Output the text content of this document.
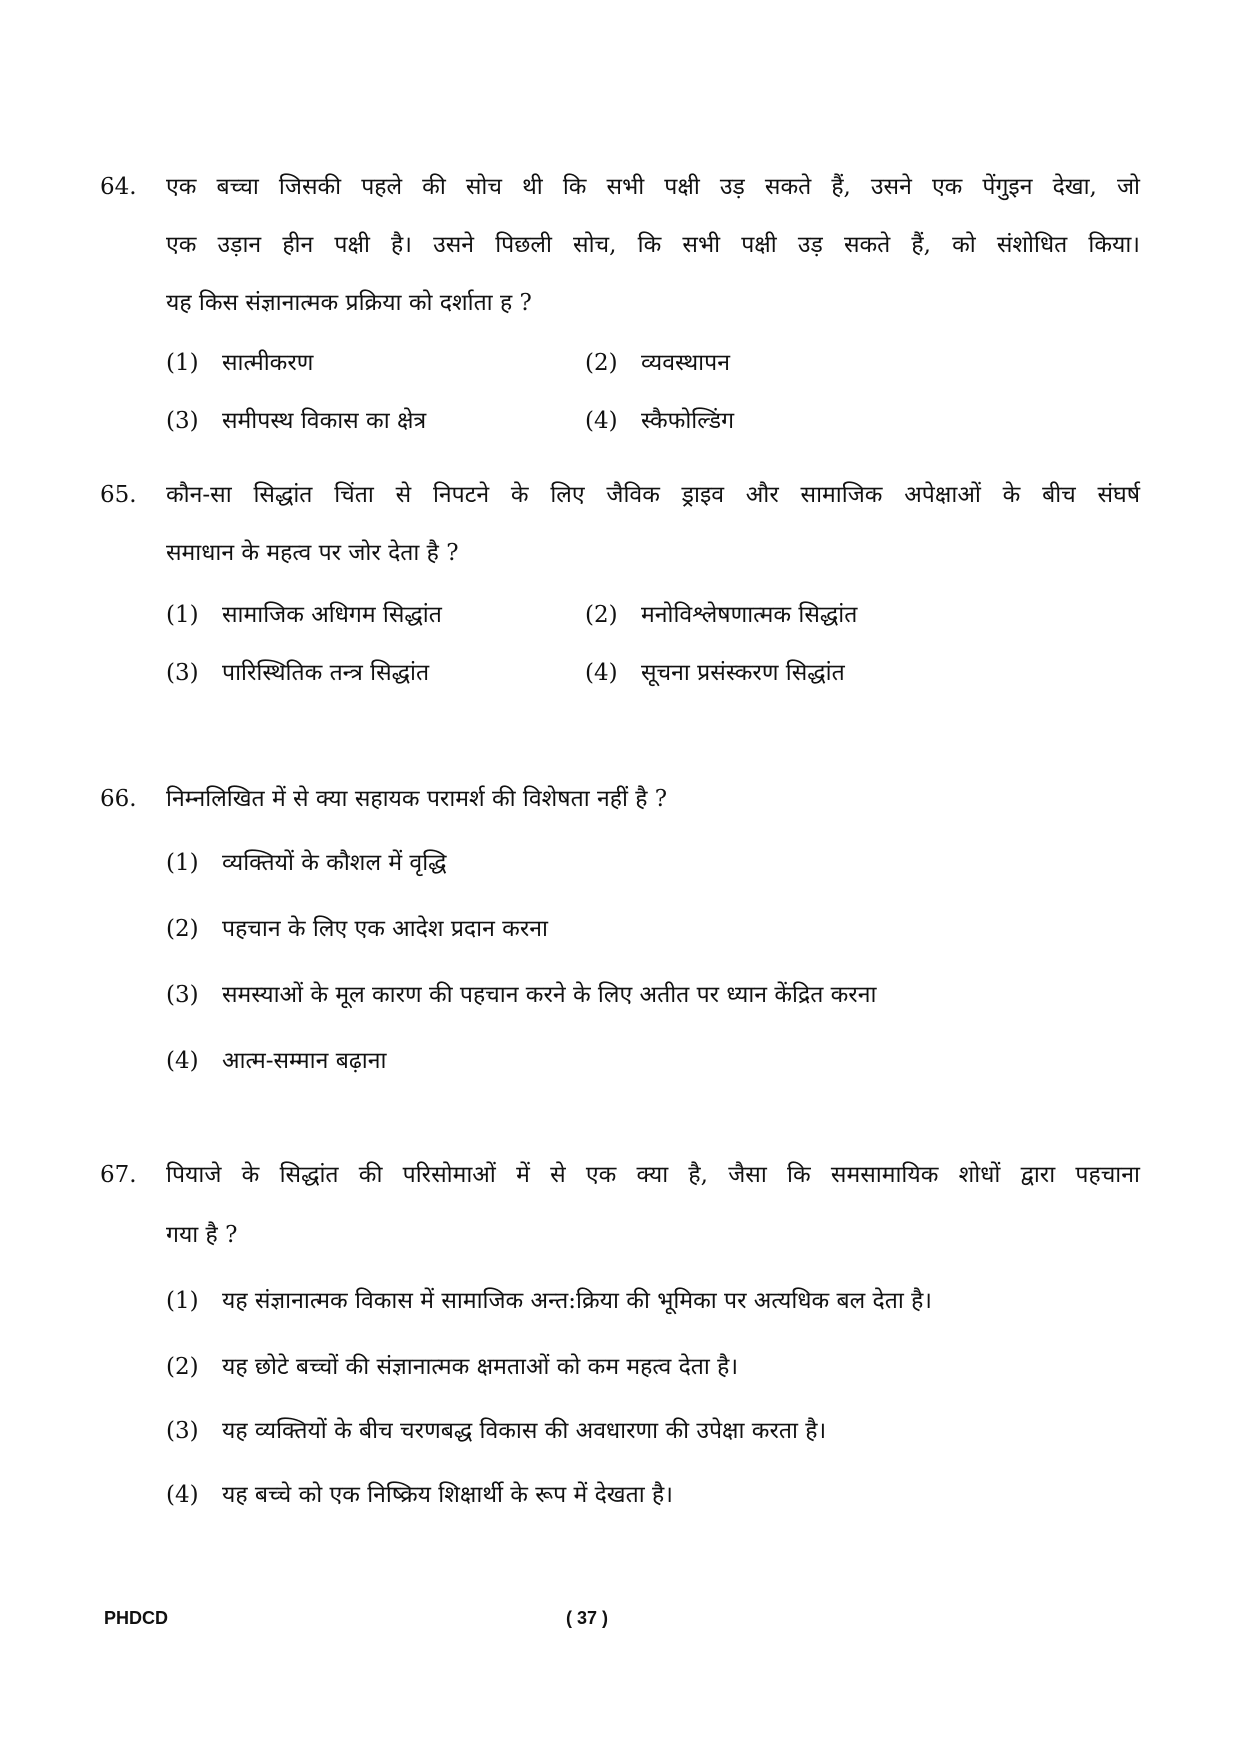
64. एक बच्चा जिसकी पहले की सोच थी कि सभी पक्षी उड़ सकते हैं, उसने एक पेंगुइन देखा, जो
एक उड़ान हीन पक्षी है। उसने पिछली सोच, कि सभी पक्षी उड़ सकते हैं, को संशोधित किया।
यह किस संज्ञानात्मक प्रक्रिया को दर्शाता ह ?
(1) सात्मीकरण	(2) व्यवस्थापन
(3) समीपस्थ विकास का क्षेत्र	(4) स्कैफोल्डिंग
65. कौन-सा सिद्धांत चिंता से निपटने के लिए जैविक ड्राइव और सामाजिक अपेक्षाओं के बीच संघर्ष
समाधान के महत्व पर जोर देता है ?
(1) सामाजिक अधिगम सिद्धांत	(2) मनोविश्लेषणात्मक सिद्धांत
(3) पारिस्थितिक तन्त्र सिद्धांत	(4) सूचना प्रसंस्करण सिद्धांत
66. निम्नलिखित में से क्या सहायक परामर्श की विशेषता नहीं है ?
(1) व्यक्तियों के कौशल में वृद्धि
(2) पहचान के लिए एक आदेश प्रदान करना
(3) समस्याओं के मूल कारण की पहचान करने के लिए अतीत पर ध्यान केंद्रित करना
(4) आत्म-सम्मान बढ़ाना
67. पियाजे के सिद्धांत की परिसोमाओं में से एक क्या है, जैसा कि समसामायिक शोधों द्वारा पहचाना
गया है ?
(1) यह संज्ञानात्मक विकास में सामाजिक अन्त:क्रिया की भूमिका पर अत्यधिक बल देता है।
(2) यह छोटे बच्चों की संज्ञानात्मक क्षमताओं को कम महत्व देता है।
(3) यह व्यक्तियों के बीच चरणबद्ध विकास की अवधारणा की उपेक्षा करता है।
(4) यह बच्चे को एक निष्क्रिय शिक्षार्थी के रूप में देखता है।
PHDCD	( 37 )
